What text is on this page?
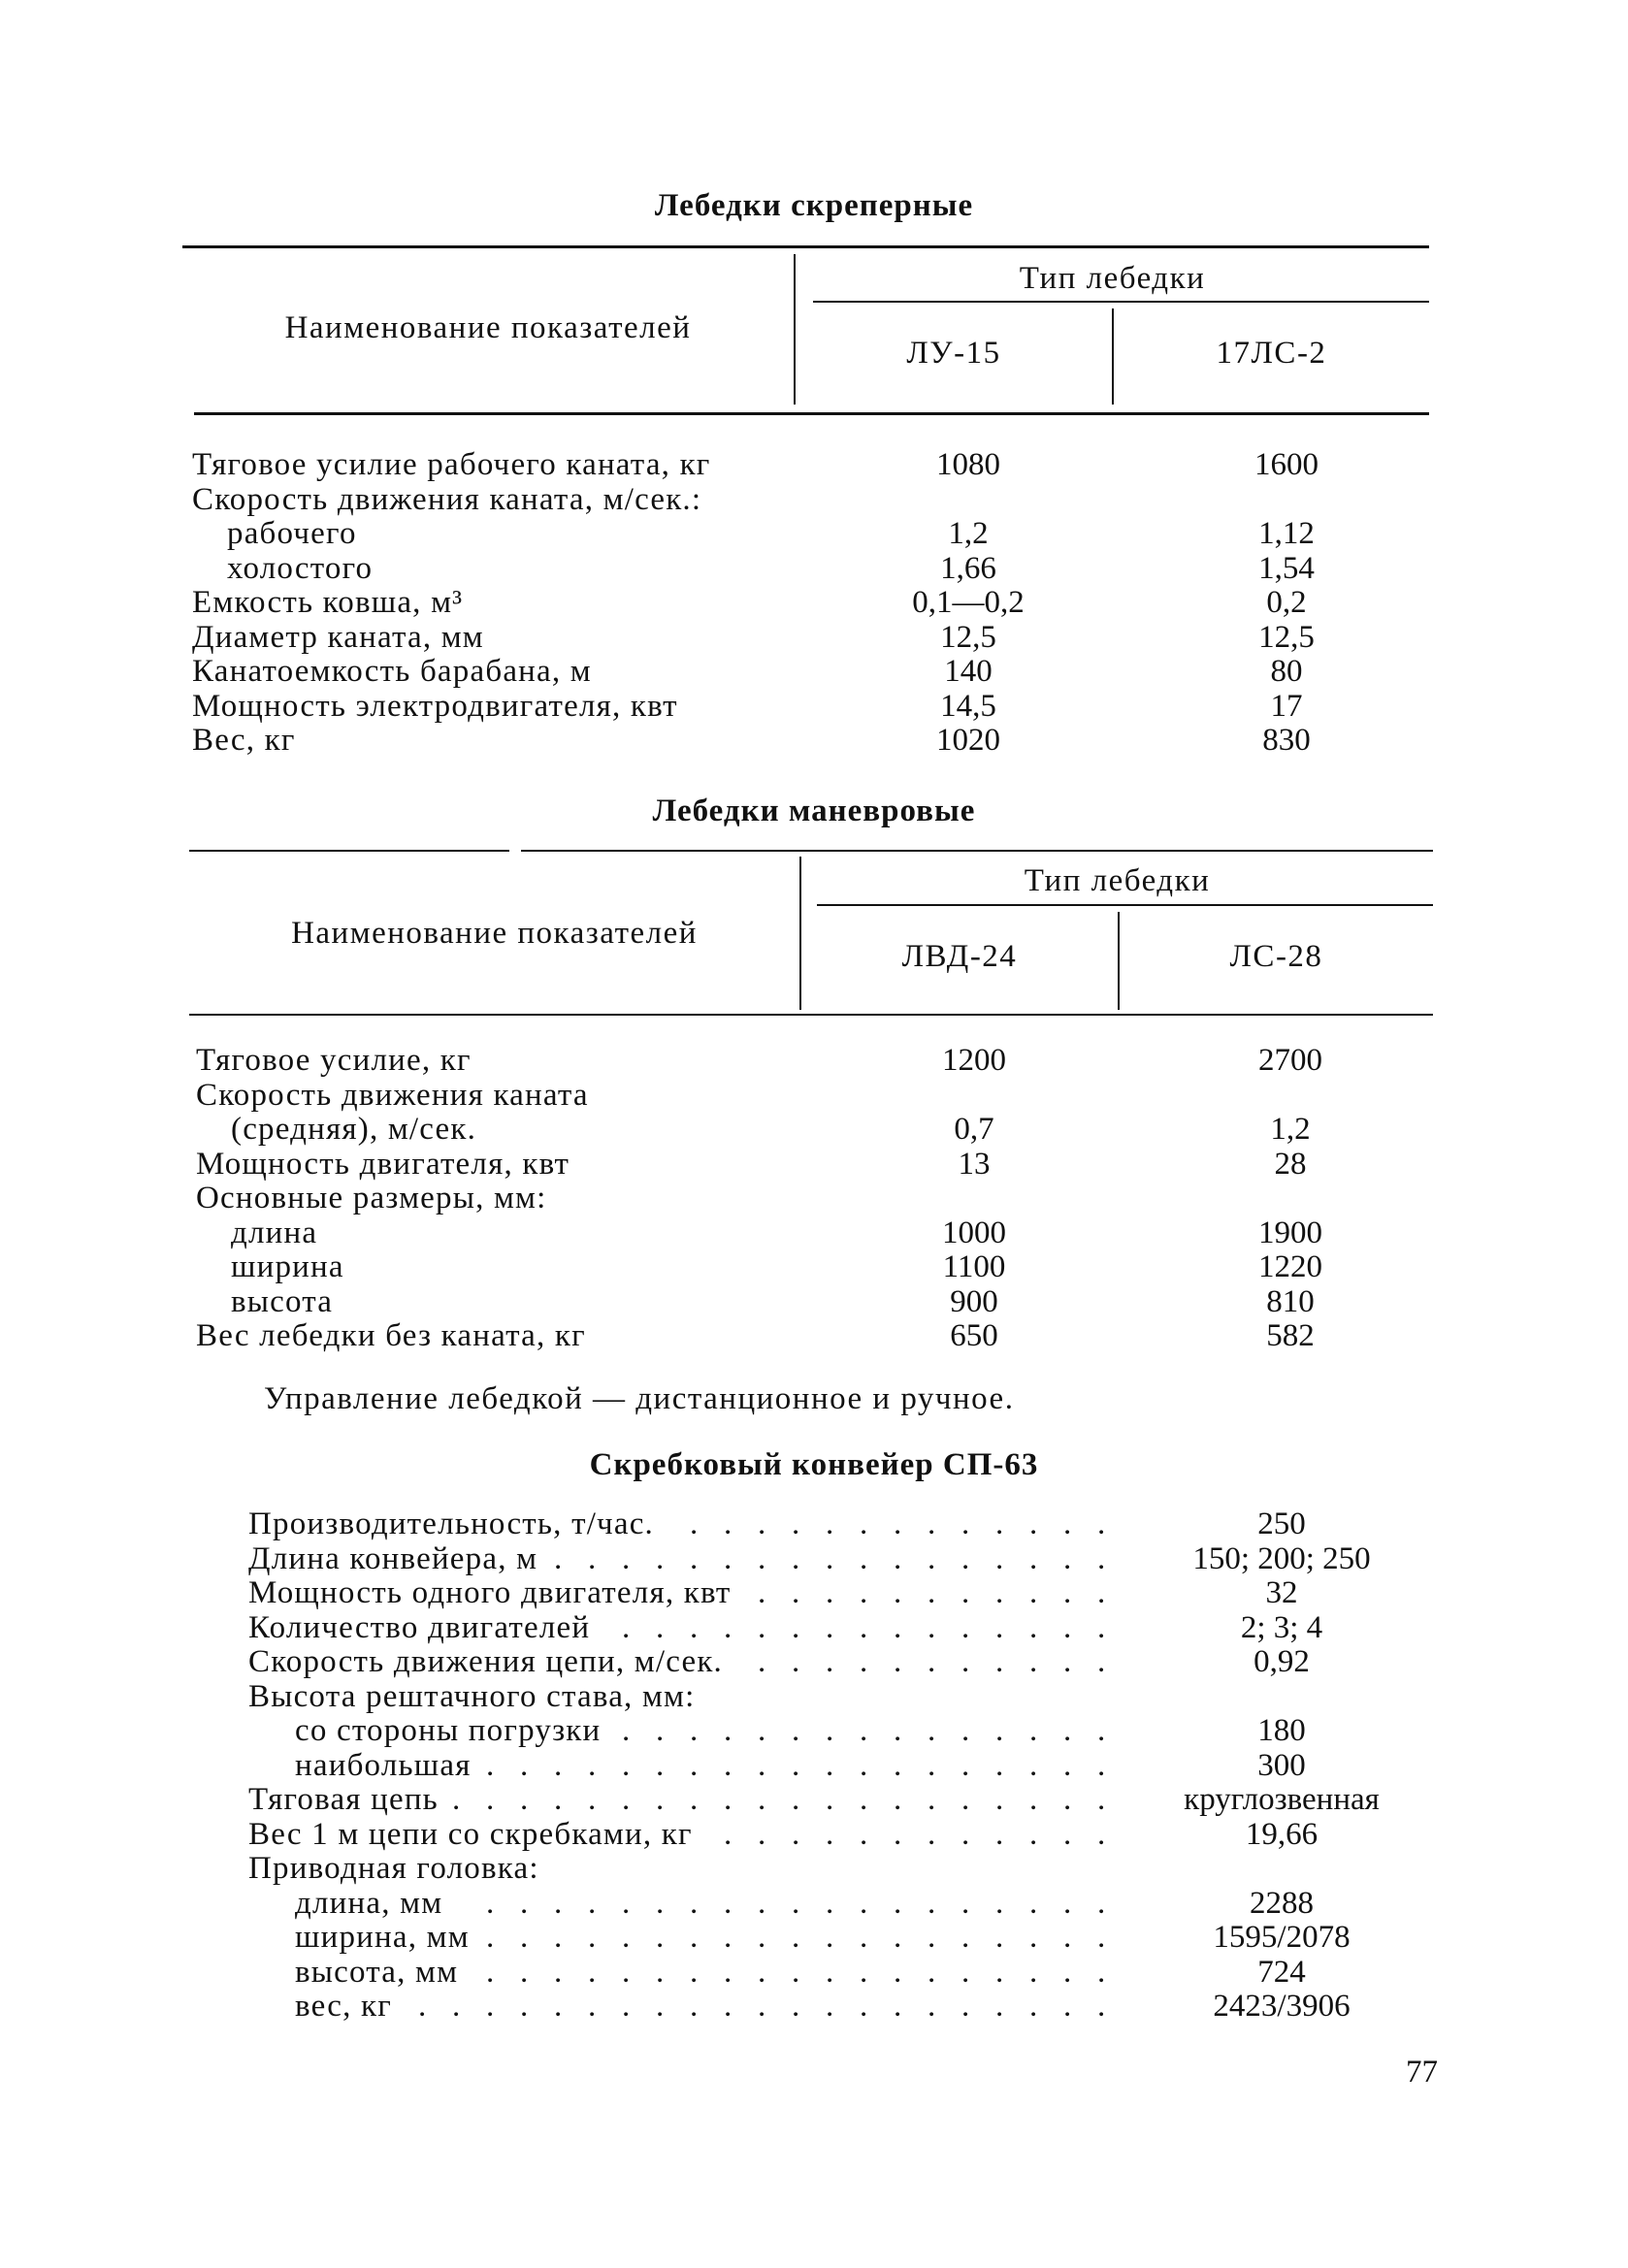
Лебедки скреперные
Наименование показателей
Тип лебедки
ЛУ-15	17ЛС-2
Тяговое усилие рабочего каната, кг	1080	1600
Скорость движения каната, м/сек.:
рабочего	1,2	1,12
холостого	1,66	1,54
Емкость ковша, м³	0,1—0,2	0,2
Диаметр каната, мм	12,5	12,5
Канатоемкость барабана, м	140	80
Мощность электродвигателя, квт	14,5	17
Вес, кг	1020	830
Лебедки маневровые
Наименование показателей
Тип лебедки
ЛВД-24	ЛС-28
Тяговое усилие, кг	1200	2700
Скорость движения каната
(средняя), м/сек.	0,7	1,2
Мощность двигателя, квт	13	28
Основные размеры, мм:
длина	1000	1900
ширина	1100	1220
высота	900	810
Вес лебедки без каната, кг	650	582
Управление лебедкой — дистанционное и ручное.
Скребковый конвейер СП-63
Производительность, т/час. . . . . . . . . . . . . .	250
Длина конвейера, м . . . . . . . . . . . . . . . . .	150; 200; 250
Мощность одного двигателя, квт . . . . . . . . . . .	32
Количество двигателей . . . . . . . . . . . . . . .	2; 3; 4
Скорость движения цепи, м/сек. . . . . . . . . . . .	0,92
Высота рештачного става, мм:
со стороны погрузки . . . . . . . . . . . . . . .	180
наибольшая . . . . . . . . . . . . . . . . . . .	300
Тяговая цепь . . . . . . . . . . . . . . . . . . . .	круглозвенная
Вес 1 м цепи со скребками, кг . . . . . . . . . . . .	19,66
Приводная головка:
длина, мм . . . . . . . . . . . . . . . . . . .	2288
ширина, мм . . . . . . . . . . . . . . . . . . .	1595/2078
высота, мм . . . . . . . . . . . . . . . . . . .	724
вес, кг . . . . . . . . . . . . . . . . . . . . .	2423/3906
77
